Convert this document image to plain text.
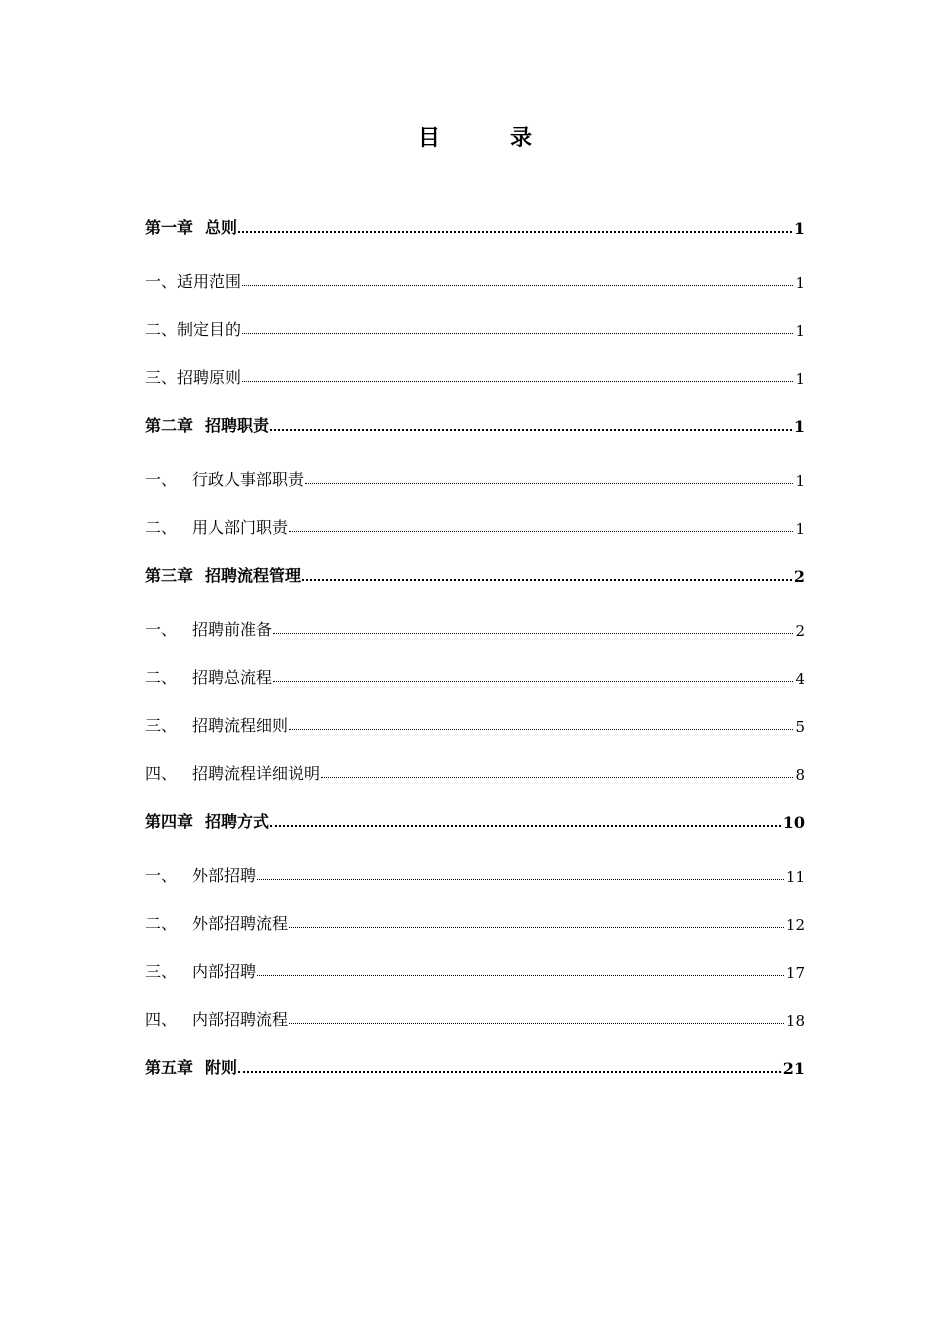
目　录
第一章 总则	1
一、 适用范围	1
二、 制定目的	1
三、 招聘原则	1
第二章 招聘职责	1
一、 行政人事部职责	1
二、 用人部门职责	1
第三章 招聘流程管理	2
一、 招聘前准备	2
二、 招聘总流程	4
三、 招聘流程细则	5
四、 招聘流程详细说明	8
第四章 招聘方式	10
一、 外部招聘	11
二、 外部招聘流程	12
三、 内部招聘	17
四、 内部招聘流程	18
第五章 附则	21
